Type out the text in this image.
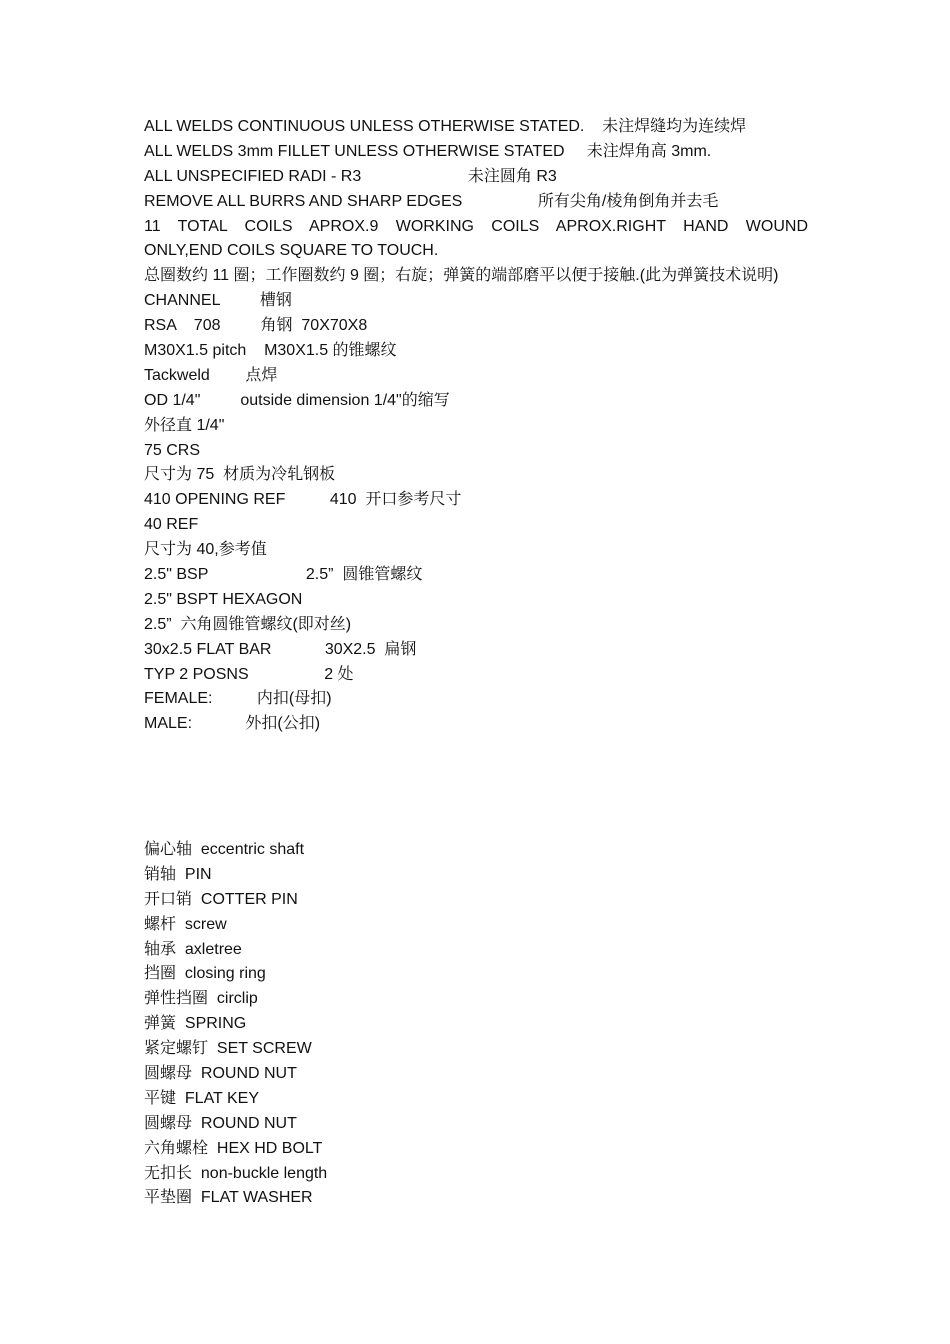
ALL WELDS CONTINUOUS UNLESS OTHERWISE STATED.    未注焊缝均为连续焊
ALL WELDS 3mm FILLET UNLESS OTHERWISE STATED     未注焊角高 3mm.
ALL UNSPECIFIED RADI - R3                        未注圆角 R3
REMOVE ALL BURRS AND SHARP EDGES                 所有尖角/棱角倒角并去毛
11 TOTAL COILS APROX.9 WORKING COILS APROX.RIGHT HAND WOUND
ONLY,END COILS SQUARE TO TOUCH.
总圈数约 11 圈；工作圈数约 9 圈；右旋；弹簧的端部磨平以便于接触.(此为弹簧技术说明)
CHANNEL         槽钢
RSA    708         角钢  70X70X8
M30X1.5 pitch    M30X1.5 的锥螺纹
Tackweld        点焊
OD 1/4"         outside dimension 1/4"的缩写
外径直 1/4"
75 CRS
尺寸为 75  材质为冷轧钢板
410 OPENING REF          410  开口参考尺寸
40 REF
尺寸为 40,参考值
2.5" BSP                      2.5”  圆锥管螺纹
2.5" BSPT HEXAGON
2.5”  六角圆锥管螺纹(即对丝)
30x2.5 FLAT BAR            30X2.5  扁钢
TYP 2 POSNS                 2 处
FEMALE:          内扣(母扣)
MALE:            外扣(公扣)
偏心轴  eccentric shaft
销轴  PIN
开口销  COTTER PIN
螺杆  screw
轴承  axletree
挡圈  closing ring
弹性挡圈  circlip
弹簧  SPRING
紧定螺钉  SET SCREW
圆螺母  ROUND NUT
平键  FLAT KEY
圆螺母  ROUND NUT
六角螺栓  HEX HD BOLT
无扣长  non-buckle length
平垫圈  FLAT WASHER
